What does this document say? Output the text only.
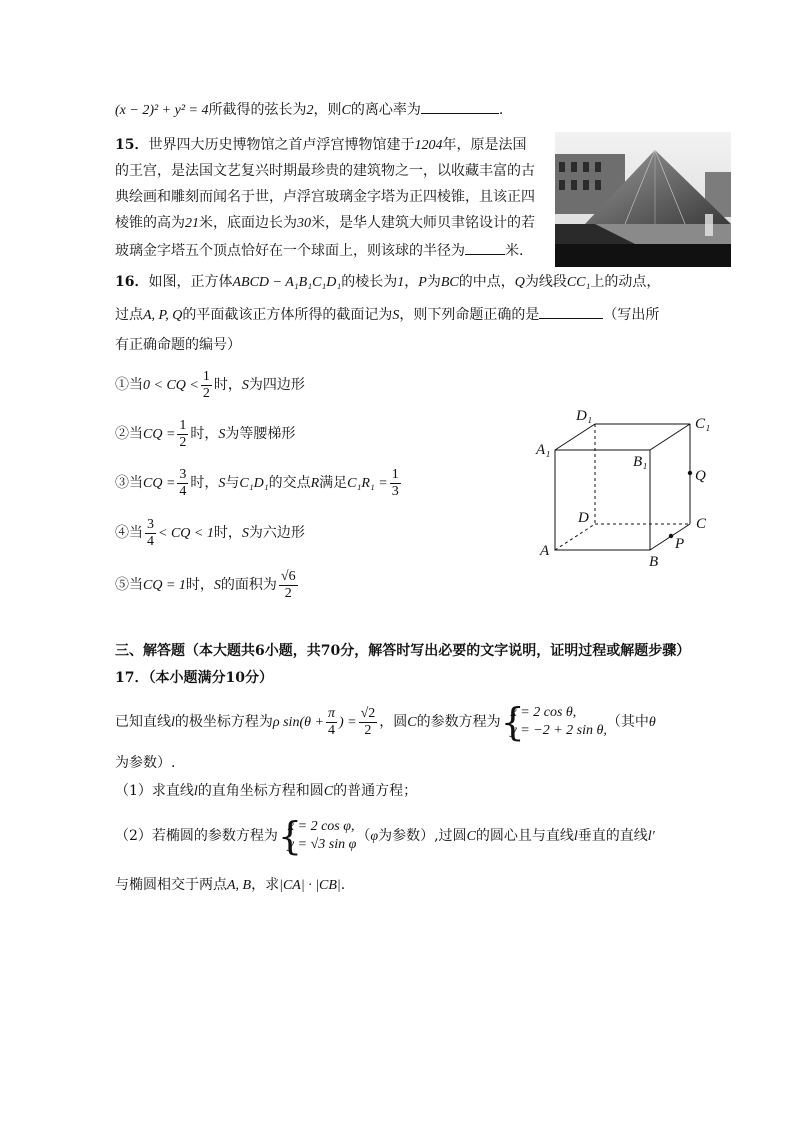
(x − 2)² + y² = 4所截得的弦长为2，则C的离心率为	.
15．世界四大历史博物馆之首卢浮宫博物馆建于1204年，原是法国
的王宫，是法国文艺复兴时期最珍贵的建筑物之一，以收藏丰富的古
典绘画和雕刻而闻名于世，卢浮宫玻璃金字塔为正四棱锥，且该正四
棱锥的高为21米，底面边长为30米，是华人建筑大师贝聿铭设计的若
玻璃金字塔五个顶点恰好在一个球面上，则该球的半径为	米.
16．如图，正方体ABCD − A₁B₁C₁D₁的棱长为1，P为BC的中点，Q为线段CC₁上的动点，
过点A, P, Q的平面截该正方体所得的截面记为S，则下列命题正确的是	（写出所
有正确命题的编号）
①当0 < CQ < $\frac{1}{2}$ 时，S为四边形
②当CQ = $\frac{1}{2}$ 时，S为等腰梯形
③当CQ = $\frac{3}{4}$ 时，S与C₁D₁的交点R满足$C_1R_1 = \frac{1}{3}$
④当 $\frac{3}{4}$ < CQ < 1时，S为六边形
⑤当CQ = 1时，S的面积为 $\frac{√6}{2}$
D₁	C₁
A₁
B₁
Q
D	C
A
B
P
三、解答题（本大题共6小题，共70分，解答时写出必要的文字说明，证明过程或解题步骤）
17．（本小题满分10分）
已知直线l的极坐标方程为ρ $\sin(\theta + \frac{\pi}{4}$ ) = $\frac{√2}{2}$ ，圆C的参数方程为 {
x = 2 cos θ,
y = −2 + 2 sin θ,
（其中θ
为参数）.
（1）求直线l的直角坐标方程和圆C的普通方程；
（2）若椭圆的参数方程为 {
x = 2 cos φ,
y = √3 sin φ
（φ为参数）,过圆C的圆心且与直线l垂直的直线l′
与椭圆相交于两点A, B，求|CA| · |CB|.
